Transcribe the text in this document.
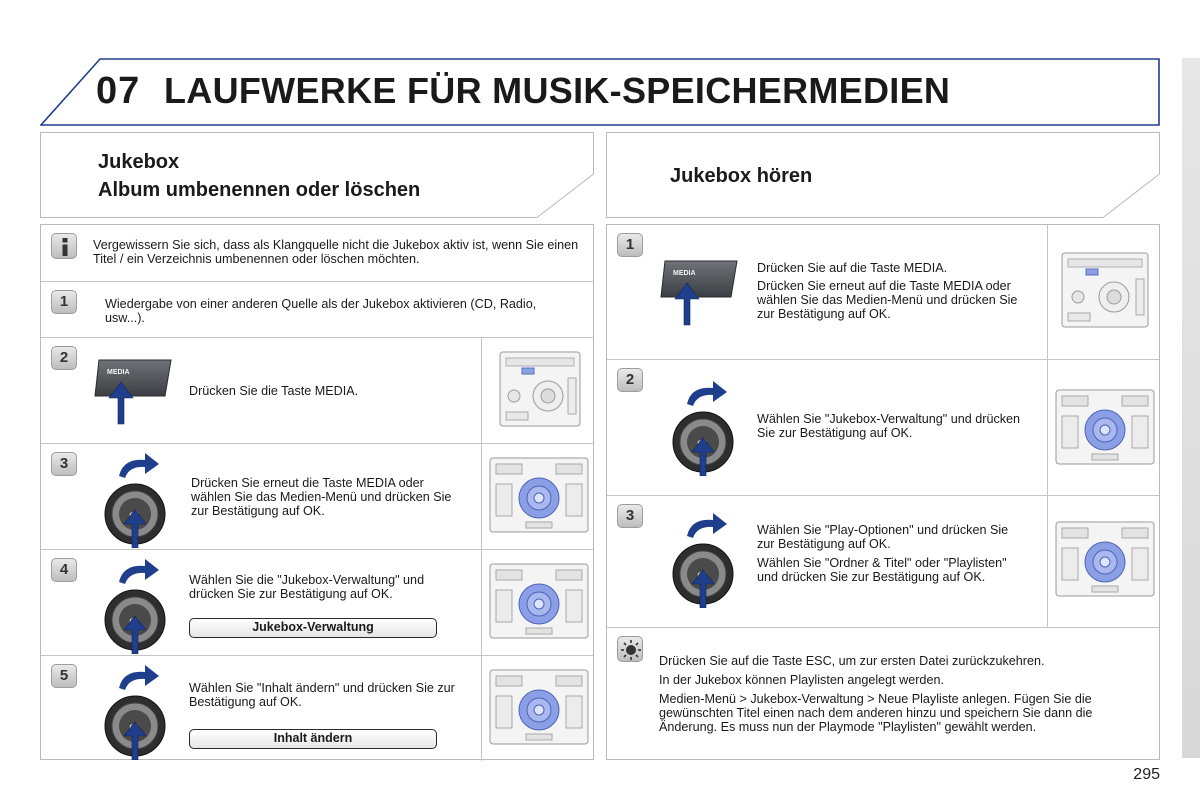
07 LAUFWERKE FÜR MUSIK-SPEICHERMEDIEN
Jukebox
Album umbenennen oder löschen
Jukebox hören
Vergewissern Sie sich, dass als Klangquelle nicht die Jukebox aktiv ist, wenn Sie einen Titel / ein Verzeichnis umbenennen oder löschen möchten.
1	Wiedergabe von einer anderen Quelle als der Jukebox aktivieren (CD, Radio, usw...).
2
MEDIA
Drücken Sie die Taste MEDIA.
3
Drücken Sie erneut die Taste MEDIA oder wählen Sie das Medien-Menü und drücken Sie zur Bestätigung auf OK.
4
Wählen Sie die "Jukebox-Verwaltung" und drücken Sie zur Bestätigung auf OK.
Jukebox-Verwaltung
5
Wählen Sie "Inhalt ändern" und drücken Sie zur Bestätigung auf OK.
Inhalt ändern
1
MEDIA	Drücken Sie auf die Taste MEDIA.
Drücken Sie erneut auf die Taste MEDIA oder wählen Sie das Medien-Menü und drücken Sie zur Bestätigung auf OK.
2
Wählen Sie "Jukebox-Verwaltung" und drücken Sie zur Bestätigung auf OK.
3
Wählen Sie "Play-Optionen" und drücken Sie zur Bestätigung auf OK.
Wählen Sie "Ordner & Titel" oder "Playlisten" und drücken Sie zur Bestätigung auf OK.
Drücken Sie auf die Taste ESC, um zur ersten Datei zurückzukehren.
In der Jukebox können Playlisten angelegt werden.
Medien-Menü > Jukebox-Verwaltung > Neue Playliste anlegen. Fügen Sie die gewünschten Titel einen nach dem anderen hinzu und speichern Sie dann die Änderung. Es muss nun der Playmode "Playlisten" gewählt werden.
295
